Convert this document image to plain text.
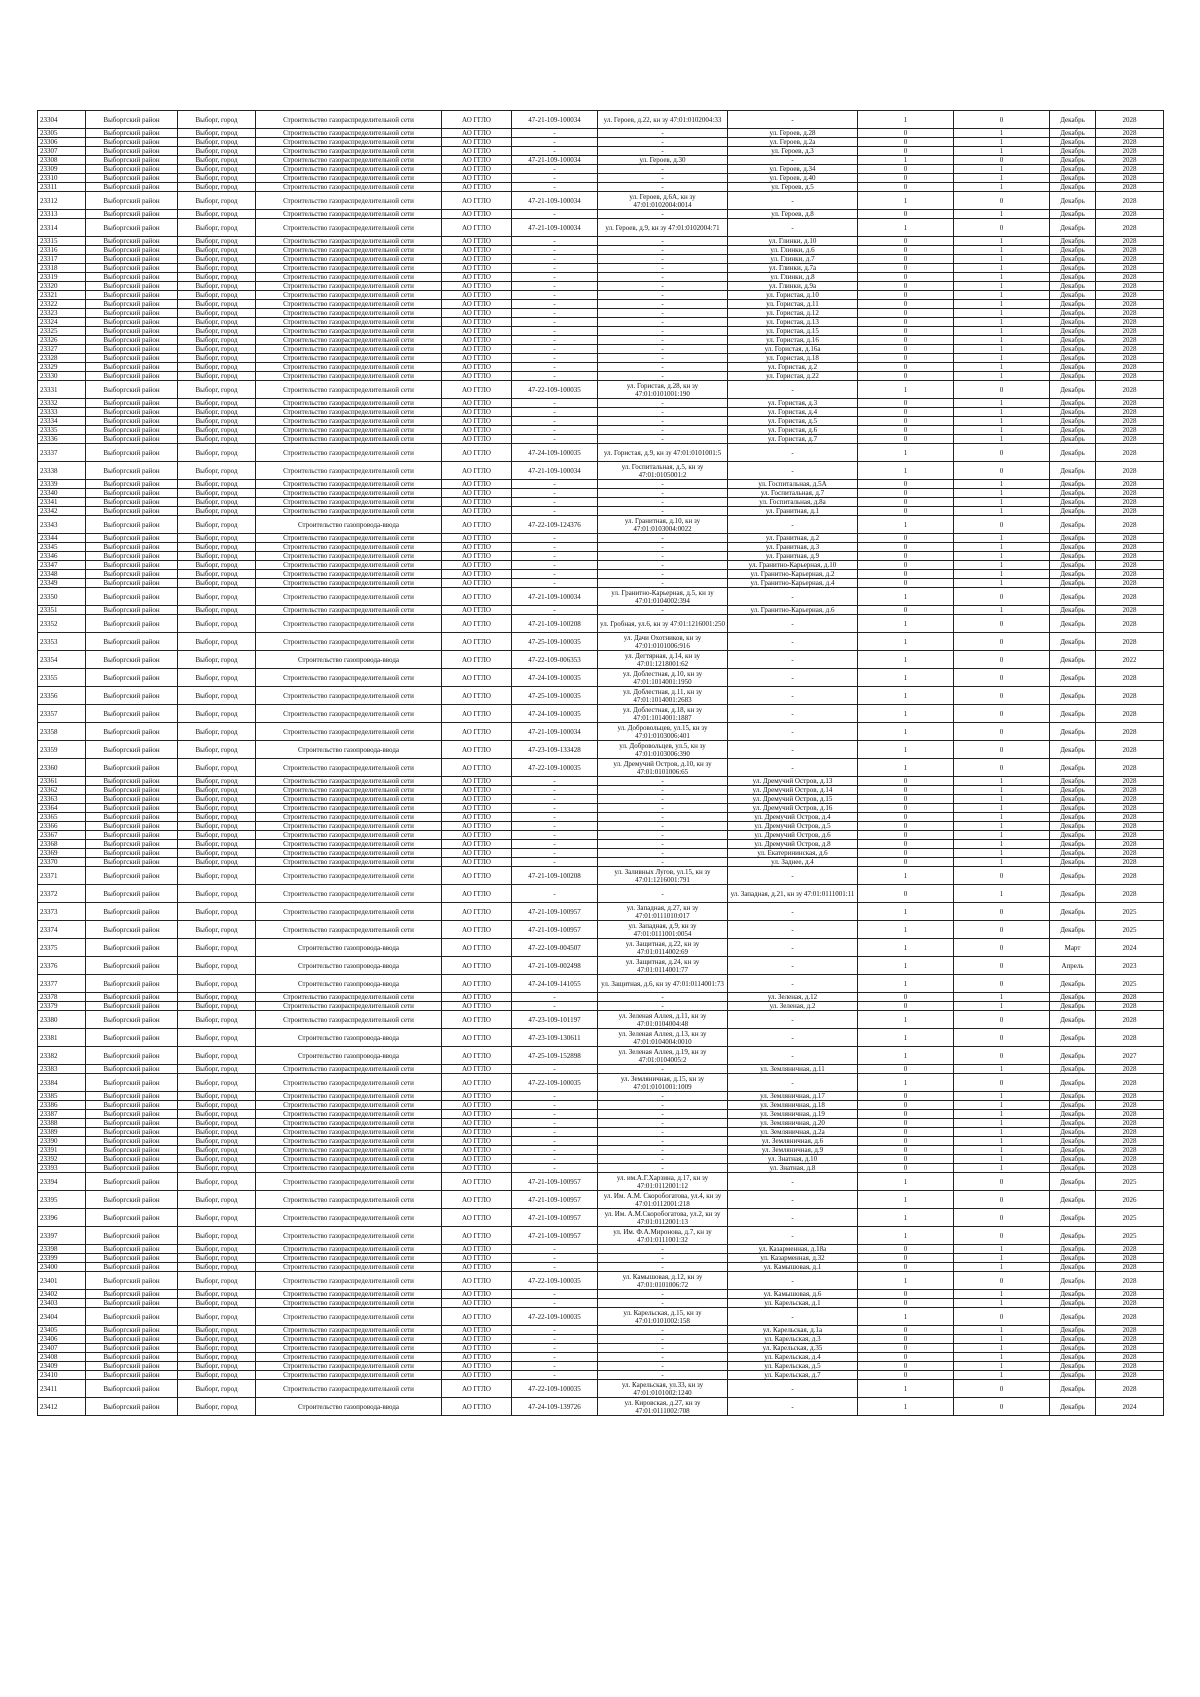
23304	Выборгский район	Выборг, город	Строительство газораспределительной сети	АО ГГЛО	47-21-109-100034	ул. Героев, д.22, кн зу 47:01:0102004:33	-	1	0	Декабрь	2028
23305	Выборгский район	Выборг, город	Строительство газораспределительной сети	АО ГГЛО	-	-	ул. Героев, д.28	0	1	Декабрь	2028
23306	Выборгский район	Выборг, город	Строительство газораспределительной сети	АО ГГЛО	-	-	ул. Героев, д.2а	0	1	Декабрь	2028
23307	Выборгский район	Выборг, город	Строительство газораспределительной сети	АО ГГЛО	-	-	ул. Героев, д.3	0	1	Декабрь	2028
23308	Выборгский район	Выборг, город	Строительство газораспределительной сети	АО ГГЛО	47-21-109-100034	ул. Героев, д.30	-	1	0	Декабрь	2028
23309	Выборгский район	Выборг, город	Строительство газораспределительной сети	АО ГГЛО	-	-	ул. Героев, д.34	0	1	Декабрь	2028
23310	Выборгский район	Выборг, город	Строительство газораспределительной сети	АО ГГЛО	-	-	ул. Героев, д.40	0	1	Декабрь	2028
23311	Выборгский район	Выборг, город	Строительство газораспределительной сети	АО ГГЛО	-	-	ул. Героев, д.5	0	1	Декабрь	2028
23312	Выборгский район	Выборг, город	Строительство газораспределительной сети	АО ГГЛО	47-21-109-100034	ул. Героев, д.6А, кн зу 47:01:0102004:0014	-	1	0	Декабрь	2028
23313	Выборгский район	Выборг, город	Строительство газораспределительной сети	АО ГГЛО	-	-	ул. Героев, д.8	0	1	Декабрь	2028
23314	Выборгский район	Выборг, город	Строительство газораспределительной сети	АО ГГЛО	47-21-109-100034	ул. Героев, д.9, кн зу 47:01:0102004:71	-	1	0	Декабрь	2028
23315	Выборгский район	Выборг, город	Строительство газораспределительной сети	АО ГГЛО	-	-	ул. Глинки, д.10	0	1	Декабрь	2028
23316	Выборгский район	Выборг, город	Строительство газораспределительной сети	АО ГГЛО	-	-	ул. Глинки, д.6	0	1	Декабрь	2028
23317	Выборгский район	Выборг, город	Строительство газораспределительной сети	АО ГГЛО	-	-	ул. Глинки, д.7	0	1	Декабрь	2028
23318	Выборгский район	Выборг, город	Строительство газораспределительной сети	АО ГГЛО	-	-	ул. Глинки, д.7а	0	1	Декабрь	2028
23319	Выборгский район	Выборг, город	Строительство газораспределительной сети	АО ГГЛО	-	-	ул. Глинки, д.8	0	1	Декабрь	2028
23320	Выборгский район	Выборг, город	Строительство газораспределительной сети	АО ГГЛО	-	-	ул. Глинки, д.9а	0	1	Декабрь	2028
23321	Выборгский район	Выборг, город	Строительство газораспределительной сети	АО ГГЛО	-	-	ул. Гористая, д.10	0	1	Декабрь	2028
23322	Выборгский район	Выборг, город	Строительство газораспределительной сети	АО ГГЛО	-	-	ул. Гористая, д.11	0	1	Декабрь	2028
23323	Выборгский район	Выборг, город	Строительство газораспределительной сети	АО ГГЛО	-	-	ул. Гористая, д.12	0	1	Декабрь	2028
23324	Выборгский район	Выборг, город	Строительство газораспределительной сети	АО ГГЛО	-	-	ул. Гористая, д.13	0	1	Декабрь	2028
23325	Выборгский район	Выборг, город	Строительство газораспределительной сети	АО ГГЛО	-	-	ул. Гористая, д.15	0	1	Декабрь	2028
23326	Выборгский район	Выборг, город	Строительство газораспределительной сети	АО ГГЛО	-	-	ул. Гористая, д.16	0	1	Декабрь	2028
23327	Выборгский район	Выборг, город	Строительство газораспределительной сети	АО ГГЛО	-	-	ул. Гористая, д.16а	0	1	Декабрь	2028
23328	Выборгский район	Выборг, город	Строительство газораспределительной сети	АО ГГЛО	-	-	ул. Гористая, д.18	0	1	Декабрь	2028
23329	Выборгский район	Выборг, город	Строительство газораспределительной сети	АО ГГЛО	-	-	ул. Гористая, д.2	0	1	Декабрь	2028
23330	Выборгский район	Выборг, город	Строительство газораспределительной сети	АО ГГЛО	-	-	ул. Гористая, д.22	0	1	Декабрь	2028
23331	Выборгский район	Выборг, город	Строительство газораспределительной сети	АО ГГЛО	47-22-109-100035	ул. Гористая, д.28, кн зу 47:01:0101001:190	-	1	0	Декабрь	2028
23332	Выборгский район	Выборг, город	Строительство газораспределительной сети	АО ГГЛО	-	-	ул. Гористая, д.3	0	1	Декабрь	2028
23333	Выборгский район	Выборг, город	Строительство газораспределительной сети	АО ГГЛО	-	-	ул. Гористая, д.4	0	1	Декабрь	2028
23334	Выборгский район	Выборг, город	Строительство газораспределительной сети	АО ГГЛО	-	-	ул. Гористая, д.5	0	1	Декабрь	2028
23335	Выборгский район	Выборг, город	Строительство газораспределительной сети	АО ГГЛО	-	-	ул. Гористая, д.6	0	1	Декабрь	2028
23336	Выборгский район	Выборг, город	Строительство газораспределительной сети	АО ГГЛО	-	-	ул. Гористая, д.7	0	1	Декабрь	2028
23337	Выборгский район	Выборг, город	Строительство газораспределительной сети	АО ГГЛО	47-24-109-100035	ул. Гористая, д.9, кн зу 47:01:0101001:5	-	1	0	Декабрь	2028
23338	Выборгский район	Выборг, город	Строительство газораспределительной сети	АО ГГЛО	47-21-109-100034	ул. Госпитальная, д.5, кн зу 47:01:0105001:2	-	1	0	Декабрь	2028
23339	Выборгский район	Выборг, город	Строительство газораспределительной сети	АО ГГЛО	-	-	ул. Госпитальная, д.5А	0	1	Декабрь	2028
23340	Выборгский район	Выборг, город	Строительство газораспределительной сети	АО ГГЛО	-	-	ул. Госпитальная, д.7	0	1	Декабрь	2028
23341	Выборгский район	Выборг, город	Строительство газораспределительной сети	АО ГГЛО	-	-	ул. Госпитальная, д.8а	0	1	Декабрь	2028
23342	Выборгский район	Выборг, город	Строительство газораспределительной сети	АО ГГЛО	-	-	ул. Гранитная, д.1	0	1	Декабрь	2028
23343	Выборгский район	Выборг, город	Строительство газопровода-ввода	АО ГГЛО	47-22-109-124376	ул. Гранитная, д.10, кн зу 47:01:0103004:0022	-	1	0	Декабрь	2028
23344	Выборгский район	Выборг, город	Строительство газораспределительной сети	АО ГГЛО	-	-	ул. Гранитная, д.2	0	1	Декабрь	2028
23345	Выборгский район	Выборг, город	Строительство газораспределительной сети	АО ГГЛО	-	-	ул. Гранитная, д.3	0	1	Декабрь	2028
23346	Выборгский район	Выборг, город	Строительство газораспределительной сети	АО ГГЛО	-	-	ул. Гранитная, д.9	0	1	Декабрь	2028
23347	Выборгский район	Выборг, город	Строительство газораспределительной сети	АО ГГЛО	-	-	ул. Гранитно-Карьерная, д.10	0	1	Декабрь	2028
23348	Выборгский район	Выборг, город	Строительство газораспределительной сети	АО ГГЛО	-	-	ул. Гранитно-Карьерная, д.2	0	1	Декабрь	2028
23349	Выборгский район	Выборг, город	Строительство газораспределительной сети	АО ГГЛО	-	-	ул. Гранитно-Карьерная, д.4	0	1	Декабрь	2028
23350	Выборгский район	Выборг, город	Строительство газораспределительной сети	АО ГГЛО	47-21-109-100034	ул. Гранитно-Карьерная, д.5, кн зу 47:01:0104002:394	-	1	0	Декабрь	2028
23351	Выборгский район	Выборг, город	Строительство газораспределительной сети	АО ГГЛО	-	-	ул. Гранитно-Карьерная, д.6	0	1	Декабрь	2028
23352	Выборгский район	Выборг, город	Строительство газораспределительной сети	АО ГГЛО	47-21-109-100208	ул. Гробная, ул.6, кн зу 47:01:1216001:250	-	1	0	Декабрь	2028
23353	Выборгский район	Выборг, город	Строительство газораспределительной сети	АО ГГЛО	47-25-109-100035	ул. Дачи Охотников, кн зу 47:01:0101006:916	-	1	0	Декабрь	2028
23354	Выборгский район	Выборг, город	Строительство газопровода-ввода	АО ГГЛО	47-22-109-006353	ул. Дегтярная, д.14, кн зу 47:01:1218001:62	-	1	0	Декабрь	2022
23355	Выборгский район	Выборг, город	Строительство газораспределительной сети	АО ГГЛО	47-24-109-100035	ул. Доблестная, д.10, кн зу 47:01:1014001:1950	-	1	0	Декабрь	2028
23356	Выборгский район	Выборг, город	Строительство газораспределительной сети	АО ГГЛО	47-25-109-100035	ул. Доблестная, д.11, кн зу 47:01:1014001:2683	-	1	0	Декабрь	2028
23357	Выборгский район	Выборг, город	Строительство газораспределительной сети	АО ГГЛО	47-24-109-100035	ул. Доблестная, д.18, кн зу 47:01:1014001:1887	-	1	0	Декабрь	2028
23358	Выборгский район	Выборг, город	Строительство газораспределительной сети	АО ГГЛО	47-21-109-100034	ул. Добровольцев, ул.15, кн зу 47:01:0103006:401	-	1	0	Декабрь	2028
23359	Выборгский район	Выборг, город	Строительство газопровода-ввода	АО ГГЛО	47-23-109-133428	ул. Добровольцев, ул.5, кн зу 47:01:0103006:390	-	1	0	Декабрь	2028
23360	Выборгский район	Выборг, город	Строительство газораспределительной сети	АО ГГЛО	47-22-109-100035	ул. Дремучий Остров, д.10, кн зу 47:01:0101006:65	-	1	0	Декабрь	2028
23361	Выборгский район	Выборг, город	Строительство газораспределительной сети	АО ГГЛО	-	-	ул. Дремучий Остров, д.13	0	1	Декабрь	2028
23362	Выборгский район	Выборг, город	Строительство газораспределительной сети	АО ГГЛО	-	-	ул. Дремучий Остров, д.14	0	1	Декабрь	2028
23363	Выборгский район	Выборг, город	Строительство газораспределительной сети	АО ГГЛО	-	-	ул. Дремучий Остров, д.15	0	1	Декабрь	2028
23364	Выборгский район	Выборг, город	Строительство газораспределительной сети	АО ГГЛО	-	-	ул. Дремучий Остров, д.16	0	1	Декабрь	2028
23365	Выборгский район	Выборг, город	Строительство газораспределительной сети	АО ГГЛО	-	-	ул. Дремучий Остров, д.4	0	1	Декабрь	2028
23366	Выборгский район	Выборг, город	Строительство газораспределительной сети	АО ГГЛО	-	-	ул. Дремучий Остров, д.5	0	1	Декабрь	2028
23367	Выборгский район	Выборг, город	Строительство газораспределительной сети	АО ГГЛО	-	-	ул. Дремучий Остров, д.6	0	1	Декабрь	2028
23368	Выборгский район	Выборг, город	Строительство газораспределительной сети	АО ГГЛО	-	-	ул. Дремучий Остров, д.8	0	1	Декабрь	2028
23369	Выборгский район	Выборг, город	Строительство газораспределительной сети	АО ГГЛО	-	-	ул. Екатерининская, д.6	0	1	Декабрь	2028
23370	Выборгский район	Выборг, город	Строительство газораспределительной сети	АО ГГЛО	-	-	ул. Заднее, д.4	0	1	Декабрь	2028
23371	Выборгский район	Выборг, город	Строительство газораспределительной сети	АО ГГЛО	47-21-109-100208	ул. Заливных Лугов, ул.15, кн зу 47:01:1216001:791	-	1	0	Декабрь	2028
23372	Выборгский район	Выборг, город	Строительство газораспределительной сети	АО ГГЛО	-	-	ул. Западная, д.21, кн зу 47:01:0111001:11	0	1	Декабрь	2028
23373	Выборгский район	Выборг, город	Строительство газораспределительной сети	АО ГГЛО	47-21-109-100957	ул. Западная, д.27, кн зу 47:01:0111010:017	-	1	0	Декабрь	2025
23374	Выборгский район	Выборг, город	Строительство газораспределительной сети	АО ГГЛО	47-21-109-100957	ул. Западная, д.9, кн зу 47:01:0111001:0054	-	1	0	Декабрь	2025
23375	Выборгский район	Выборг, город	Строительство газопровода-ввода	АО ГГЛО	47-22-109-004507	ул. Защитная, д.22, кн зу 47:01:0114002:69	-	1	0	Март	2024
23376	Выборгский район	Выборг, город	Строительство газопровода-ввода	АО ГГЛО	47-21-109-002498	ул. Защитная, д.24, кн зу 47:01:0114001:77	-	1	0	Апрель	2023
23377	Выборгский район	Выборг, город	Строительство газопровода-ввода	АО ГГЛО	47-24-109-141055	ул. Защитная, д.6, кн зу 47:01:0114001:73	-	1	0	Декабрь	2025
23378	Выборгский район	Выборг, город	Строительство газораспределительной сети	АО ГГЛО	-	-	ул. Зеленая, д.12	0	1	Декабрь	2028
23379	Выборгский район	Выборг, город	Строительство газораспределительной сети	АО ГГЛО	-	-	ул. Зеленая, д.2	0	1	Декабрь	2028
23380	Выборгский район	Выборг, город	Строительство газораспределительной сети	АО ГГЛО	47-23-109-101197	ул. Зеленая Аллея, д.11, кн зу 47:01:0104004:48	-	1	0	Декабрь	2028
23381	Выборгский район	Выборг, город	Строительство газопровода-ввода	АО ГГЛО	47-23-109-130611	ул. Зеленая Аллея, д.13, кн зу 47:01:0104004:0010	-	1	0	Декабрь	2028
23382	Выборгский район	Выборг, город	Строительство газопровода-ввода	АО ГГЛО	47-25-109-152898	ул. Зеленая Аллея, д.19, кн зу 47:01:0104005:2	-	1	0	Декабрь	2027
23383	Выборгский район	Выборг, город	Строительство газораспределительной сети	АО ГГЛО	-	-	ул. Земляничная, д.11	0	1	Декабрь	2028
23384	Выборгский район	Выборг, город	Строительство газораспределительной сети	АО ГГЛО	47-22-109-100035	ул. Земляничная, д.15, кн зу 47:01:0101001:1009	-	1	0	Декабрь	2028
23385	Выборгский район	Выборг, город	Строительство газораспределительной сети	АО ГГЛО	-	-	ул. Земляничная, д.17	0	1	Декабрь	2028
23386	Выборгский район	Выборг, город	Строительство газораспределительной сети	АО ГГЛО	-	-	ул. Земляничная, д.18	0	1	Декабрь	2028
23387	Выборгский район	Выборг, город	Строительство газораспределительной сети	АО ГГЛО	-	-	ул. Земляничная, д.19	0	1	Декабрь	2028
23388	Выборгский район	Выборг, город	Строительство газораспределительной сети	АО ГГЛО	-	-	ул. Земляничная, д.20	0	1	Декабрь	2028
23389	Выборгский район	Выборг, город	Строительство газораспределительной сети	АО ГГЛО	-	-	ул. Земляничная, д.2а	0	1	Декабрь	2028
23390	Выборгский район	Выборг, город	Строительство газораспределительной сети	АО ГГЛО	-	-	ул. Земляничная, д.6	0	1	Декабрь	2028
23391	Выборгский район	Выборг, город	Строительство газораспределительной сети	АО ГГЛО	-	-	ул. Земляничная, д.9	0	1	Декабрь	2028
23392	Выборгский район	Выборг, город	Строительство газораспределительной сети	АО ГГЛО	-	-	ул. Знатная, д.10	0	1	Декабрь	2028
23393	Выборгский район	Выборг, город	Строительство газораспределительной сети	АО ГГЛО	-	-	ул. Знатная, д.8	0	1	Декабрь	2028
23394	Выборгский район	Выборг, город	Строительство газораспределительной сети	АО ГГЛО	47-21-109-100957	ул. им.А.Г.Харзина, д.17, кн зу 47:01:0112001:12	-	1	0	Декабрь	2025
23395	Выборгский район	Выборг, город	Строительство газораспределительной сети	АО ГГЛО	47-21-109-100957	ул. Им. А.М. Скоробогатова, ул.4, кн зу 47:01:0112001:218	-	1	0	Декабрь	2026
23396	Выборгский район	Выборг, город	Строительство газораспределительной сети	АО ГГЛО	47-21-109-100957	ул. Им. А.М.Скоробогатова, ул.2, кн зу 47:01:0112001:13	-	1	0	Декабрь	2025
23397	Выборгский район	Выборг, город	Строительство газораспределительной сети	АО ГГЛО	47-21-109-100957	ул. Им. Ф.А.Миронова, д.7, кн зу 47:01:0111001:32	-	1	0	Декабрь	2025
23398	Выборгский район	Выборг, город	Строительство газораспределительной сети	АО ГГЛО	-	-	ул. Казарменная, д.18а	0	1	Декабрь	2028
23399	Выборгский район	Выборг, город	Строительство газораспределительной сети	АО ГГЛО	-	-	ул. Казарменная, д.32	0	1	Декабрь	2028
23400	Выборгский район	Выборг, город	Строительство газораспределительной сети	АО ГГЛО	-	-	ул. Камышовая, д.1	0	1	Декабрь	2028
23401	Выборгский район	Выборг, город	Строительство газораспределительной сети	АО ГГЛО	47-22-109-100035	ул. Камышовая, д.12, кн зу 47:01:0101006:72	-	1	0	Декабрь	2028
23402	Выборгский район	Выборг, город	Строительство газораспределительной сети	АО ГГЛО	-	-	ул. Камышовая, д.6	0	1	Декабрь	2028
23403	Выборгский район	Выборг, город	Строительство газораспределительной сети	АО ГГЛО	-	-	ул. Карельская, д.1	0	1	Декабрь	2028
23404	Выборгский район	Выборг, город	Строительство газораспределительной сети	АО ГГЛО	47-22-109-100035	ул. Карельская, д.15, кн зу 47:01:0101002:158	-	1	0	Декабрь	2028
23405	Выборгский район	Выборг, город	Строительство газораспределительной сети	АО ГГЛО	-	-	ул. Карельская, д.1а	0	1	Декабрь	2028
23406	Выборгский район	Выборг, город	Строительство газораспределительной сети	АО ГГЛО	-	-	ул. Карельская, д.3	0	1	Декабрь	2028
23407	Выборгский район	Выборг, город	Строительство газораспределительной сети	АО ГГЛО	-	-	ул. Карельская, д.35	0	1	Декабрь	2028
23408	Выборгский район	Выборг, город	Строительство газораспределительной сети	АО ГГЛО	-	-	ул. Карельская, д.4	0	1	Декабрь	2028
23409	Выборгский район	Выборг, город	Строительство газораспределительной сети	АО ГГЛО	-	-	ул. Карельская, д.5	0	1	Декабрь	2028
23410	Выборгский район	Выборг, город	Строительство газораспределительной сети	АО ГГЛО	-	-	ул. Карельская, д.7	0	1	Декабрь	2028
23411	Выборгский район	Выборг, город	Строительство газораспределительной сети	АО ГГЛО	47-22-109-100035	ул. Карельская, ул.33, кн зу 47:01:0101002:1240	-	1	0	Декабрь	2028
23412	Выборгский район	Выборг, город	Строительство газопровода-ввода	АО ГГЛО	47-24-109-139726	ул. Кировская, д.27, кн зу 47:01:0111002:708	-	1	0	Декабрь	2024
